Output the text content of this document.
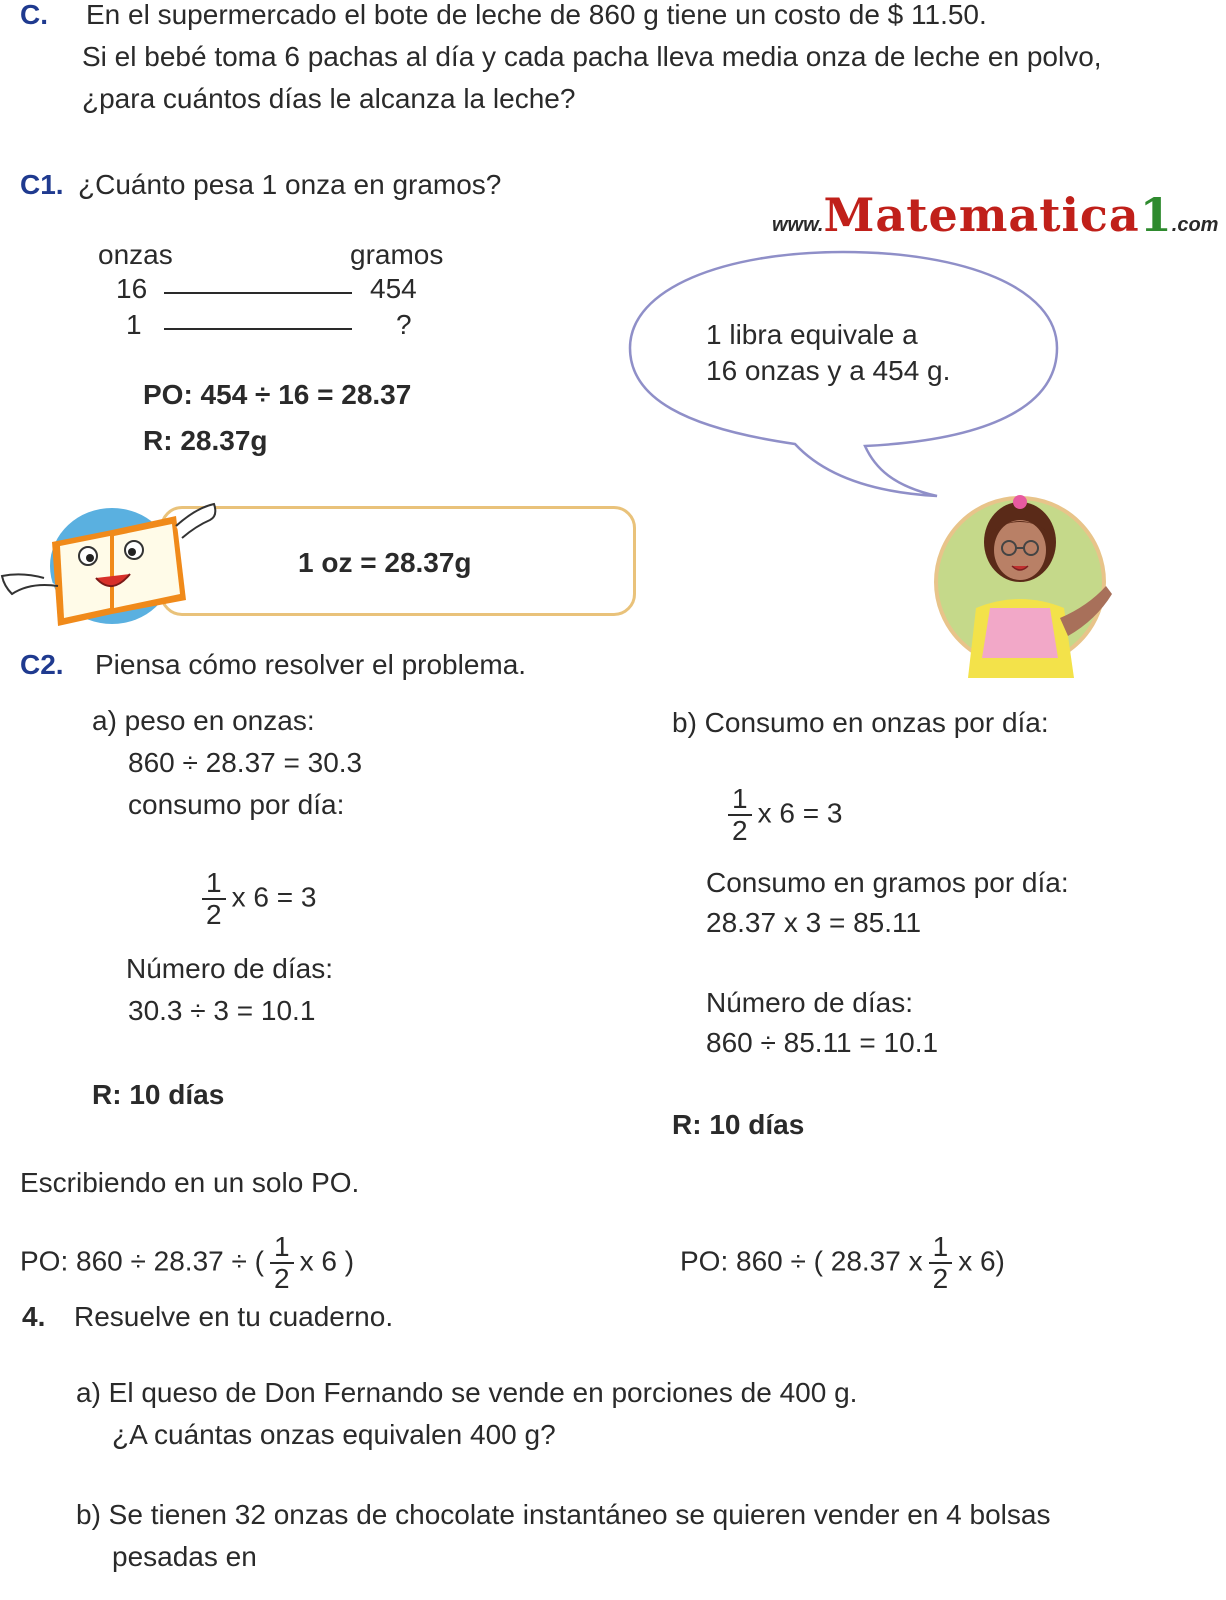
C. En el supermercado el bote de leche de 860 g tiene un costo de $ 11.50.
Si el bebé toma 6 pachas al día y cada pacha lleva media onza de leche en polvo,
¿para cuántos días le alcanza la leche?
C1. ¿Cuánto pesa 1 onza en gramos?
onzas	gramos
16	454
1	?
PO: 454 ÷ 16 = 28.37
R: 28.37g
www.Matematica1.com
1 libra equivale a
16 onzas y a 454 g.
1 oz = 28.37g
C2. Piensa cómo resolver el problema.
a) peso en onzas:
860 ÷ 28.37 = 30.3
consumo por día:
$\frac{1}{2}$ x 6 = 3
Número de días:
30.3 ÷ 3 = 10.1
R: 10 días
b) Consumo en onzas por día:
$\frac{1}{2}$ x 6 = 3
Consumo en gramos por día:
28.37 x 3 = 85.11
Número de días:
860 ÷ 85.11 = 10.1
R: 10 días
Escribiendo en un solo PO.
PO: 860 ÷ 28.37 ÷ ( $\frac{1}{2}$ x 6 )	PO: 860 ÷ ( 28.37 x $\frac{1}{2}$ x 6)
4. Resuelve en tu cuaderno.
a) El queso de Don Fernando se vende en porciones de 400 g.
¿A cuántas onzas equivalen 400 g?
b) Se tienen 32 onzas de chocolate instantáneo se quieren vender en 4 bolsas
pesadas en
